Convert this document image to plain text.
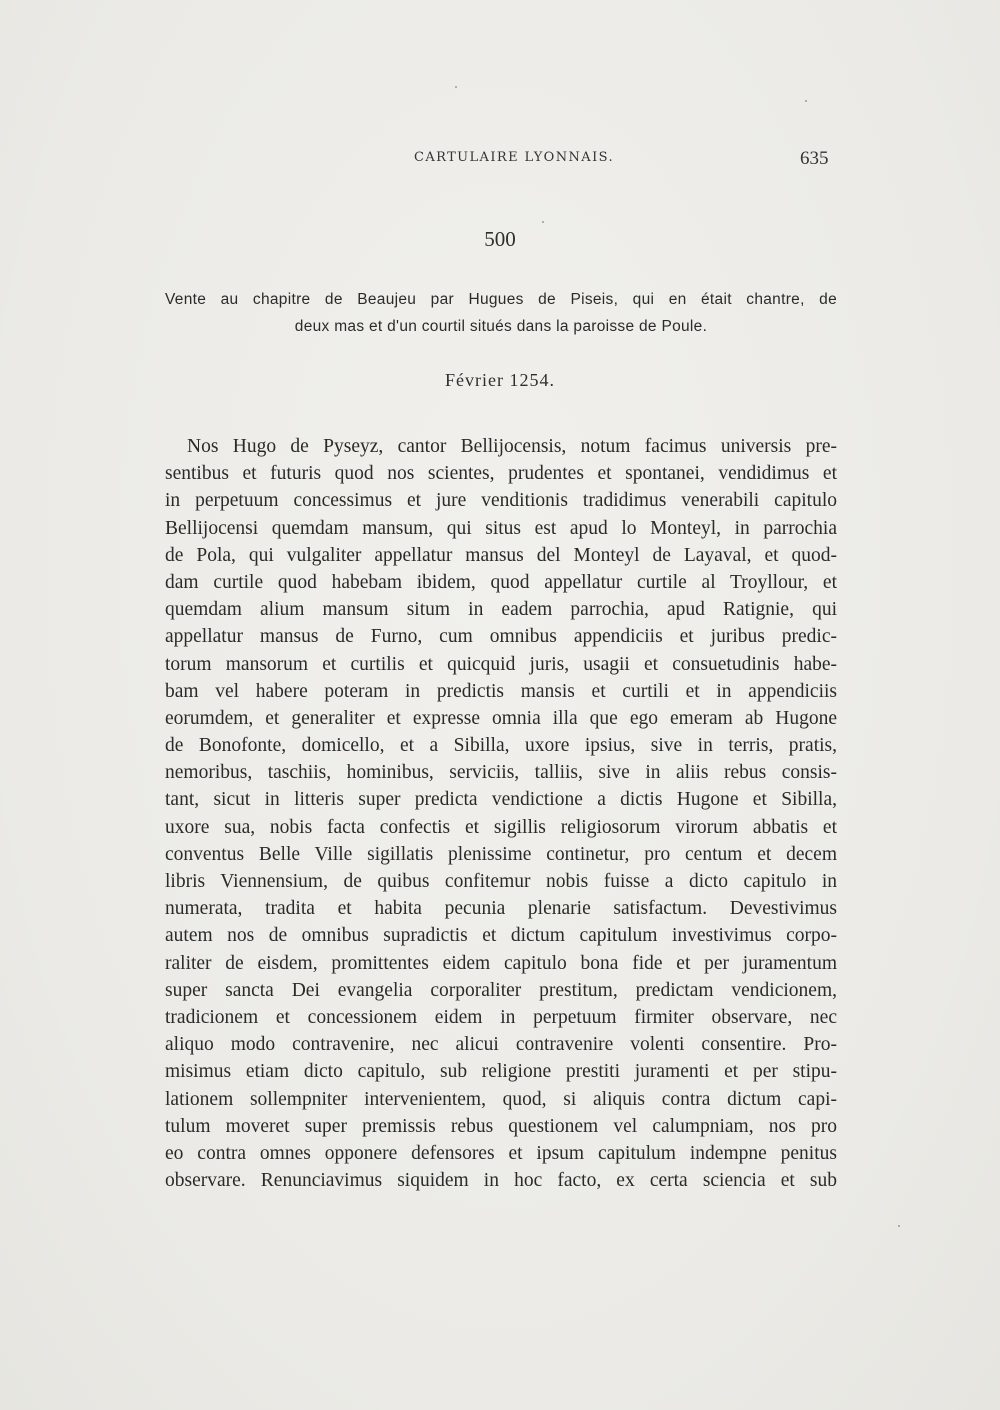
CARTULAIRE LYONNAIS.	635
500
Vente au chapitre de Beaujeu par Hugues de Piseis, qui en était chantre, de
deux mas et d'un courtil situés dans la paroisse de Poule.
Février 1254.
Nos Hugo de Pyseyz, cantor Bellijocensis, notum facimus universis pre-
sentibus et futuris quod nos scientes, prudentes et spontanei, vendidimus et
in perpetuum concessimus et jure venditionis tradidimus venerabili capitulo
Bellijocensi quemdam mansum, qui situs est apud lo Monteyl, in parrochia
de Pola, qui vulgaliter appellatur mansus del Monteyl de Layaval, et quod-
dam curtile quod habebam ibidem, quod appellatur curtile al Troyllour, et
quemdam alium mansum situm in eadem parrochia, apud Ratignie, qui
appellatur mansus de Furno, cum omnibus appendiciis et juribus predic-
torum mansorum et curtilis et quicquid juris, usagii et consuetudinis habe-
bam vel habere poteram in predictis mansis et curtili et in appendiciis
eorumdem, et generaliter et expresse omnia illa que ego emeram ab Hugone
de Bonofonte, domicello, et a Sibilla, uxore ipsius, sive in terris, pratis,
nemoribus, taschiis, hominibus, serviciis, talliis, sive in aliis rebus consis-
tant, sicut in litteris super predicta vendictione a dictis Hugone et Sibilla,
uxore sua, nobis facta confectis et sigillis religiosorum virorum abbatis et
conventus Belle Ville sigillatis plenissime continetur, pro centum et decem
libris Viennensium, de quibus confitemur nobis fuisse a dicto capitulo in
numerata, tradita et habita pecunia plenarie satisfactum. Devestivimus
autem nos de omnibus supradictis et dictum capitulum investivimus corpo-
raliter de eisdem, promittentes eidem capitulo bona fide et per juramentum
super sancta Dei evangelia corporaliter prestitum, predictam vendicionem,
tradicionem et concessionem eidem in perpetuum firmiter observare, nec
aliquo modo contravenire, nec alicui contravenire volenti consentire. Pro-
misimus etiam dicto capitulo, sub religione prestiti juramenti et per stipu-
lationem sollempniter intervenientem, quod, si aliquis contra dictum capi-
tulum moveret super premissis rebus questionem vel calumpniam, nos pro
eo contra omnes opponere defensores et ipsum capitulum indempne penitus
observare. Renunciavimus siquidem in hoc facto, ex certa sciencia et sub
